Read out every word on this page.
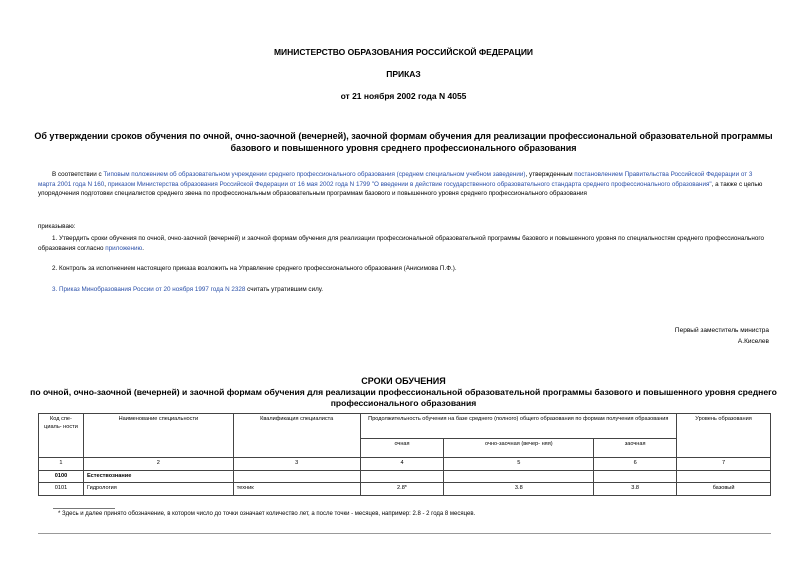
МИНИСТЕРСТВО ОБРАЗОВАНИЯ РОССИЙСКОЙ ФЕДЕРАЦИИ
ПРИКАЗ
от 21 ноября 2002 года N 4055
Об утверждении сроков обучения по очной, очно-заочной (вечерней), заочной формам обучения для реализации профессиональной образовательной программы базового и повышенного уровня среднего профессионального образования
В соответствии с Типовым положением об образовательном учреждении среднего профессионального образования (среднем специальном учебном заведении), утвержденным постановлением Правительства Российской Федерации от 3 марта 2001 года N 160, приказом Министерства образования Российской Федерации от 16 мая 2002 года N 1799 "О введении в действие государственного образовательного стандарта среднего профессионального образования", а также с целью упорядочения подготовки специалистов среднего звена по профессиональным образовательным программам базового и повышенного уровня среднего профессионального образования
приказываю:
1. Утвердить сроки обучения по очной, очно-заочной (вечерней) и заочной формам обучения для реализации профессиональной образовательной программы базового и повышенного уровня по специальностям среднего профессионального образования согласно приложению.
2. Контроль за исполнением настоящего приказа возложить на Управление среднего профессионального образования (Анисимова П.Ф.).
3. Приказ Минобразования России от 20 ноября 1997 года N 2328 считать утратившим силу.
Первый заместитель министра
А.Киселев
СРОКИ ОБУЧЕНИЯ
по очной, очно-заочной (вечерней) и заочной формам обучения для реализации профессиональной образовательной программы базового и повышенного уровня среднего профессионального образования
Код спе- циаль- ности	Наименование специальности	Квалификация специалиста	Продолжительность обучения на базе среднего (полного) общего образования по формам получения образования			Уровень образования
			очная	очно-заочная (вечер- няя)	заочная	
1	2	3	4	5	6	7
0100	Естествознание					
0101	Гидрология	техник	2.8*	3.8	3.8	базовый
* Здесь и далее принято обозначение, в котором число до точки означает количество лет, а после точки - месяцев, например: 2.8 - 2 года 8 месяцев.
